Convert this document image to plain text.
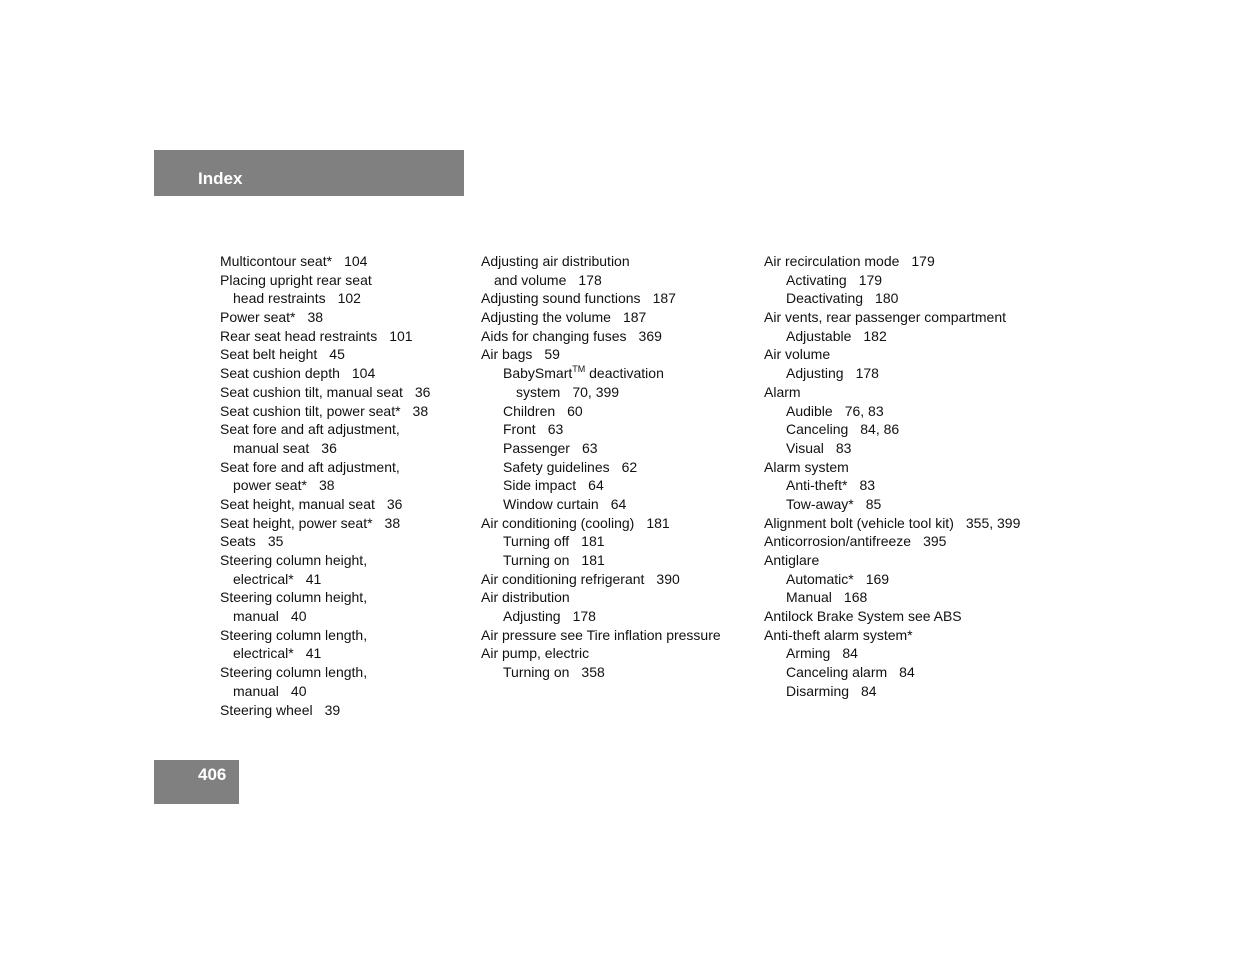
Index
Multicontour seat* 104
Placing upright rear seat
head restraints 102
Power seat* 38
Rear seat head restraints 101
Seat belt height 45
Seat cushion depth 104
Seat cushion tilt, manual seat 36
Seat cushion tilt, power seat* 38
Seat fore and aft adjustment,
manual seat 36
Seat fore and aft adjustment,
power seat* 38
Seat height, manual seat 36
Seat height, power seat* 38
Seats 35
Steering column height,
electrical* 41
Steering column height,
manual 40
Steering column length,
electrical* 41
Steering column length,
manual 40
Steering wheel 39
Adjusting air distribution
and volume 178
Adjusting sound functions 187
Adjusting the volume 187
Aids for changing fuses 369
Air bags 59
BabySmart™ deactivation
system 70, 399
Children 60
Front 63
Passenger 63
Safety guidelines 62
Side impact 64
Window curtain 64
Air conditioning (cooling) 181
Turning off 181
Turning on 181
Air conditioning refrigerant 390
Air distribution
Adjusting 178
Air pressure see Tire inflation pressure
Air pump, electric
Turning on 358
Air recirculation mode 179
Activating 179
Deactivating 180
Air vents, rear passenger compartment
Adjustable 182
Air volume
Adjusting 178
Alarm
Audible 76, 83
Canceling 84, 86
Visual 83
Alarm system
Anti-theft* 83
Tow-away* 85
Alignment bolt (vehicle tool kit) 355, 399
Anticorrosion/antifreeze 395
Antiglare
Automatic* 169
Manual 168
Antilock Brake System see ABS
Anti-theft alarm system*
Arming 84
Canceling alarm 84
Disarming 84
406
